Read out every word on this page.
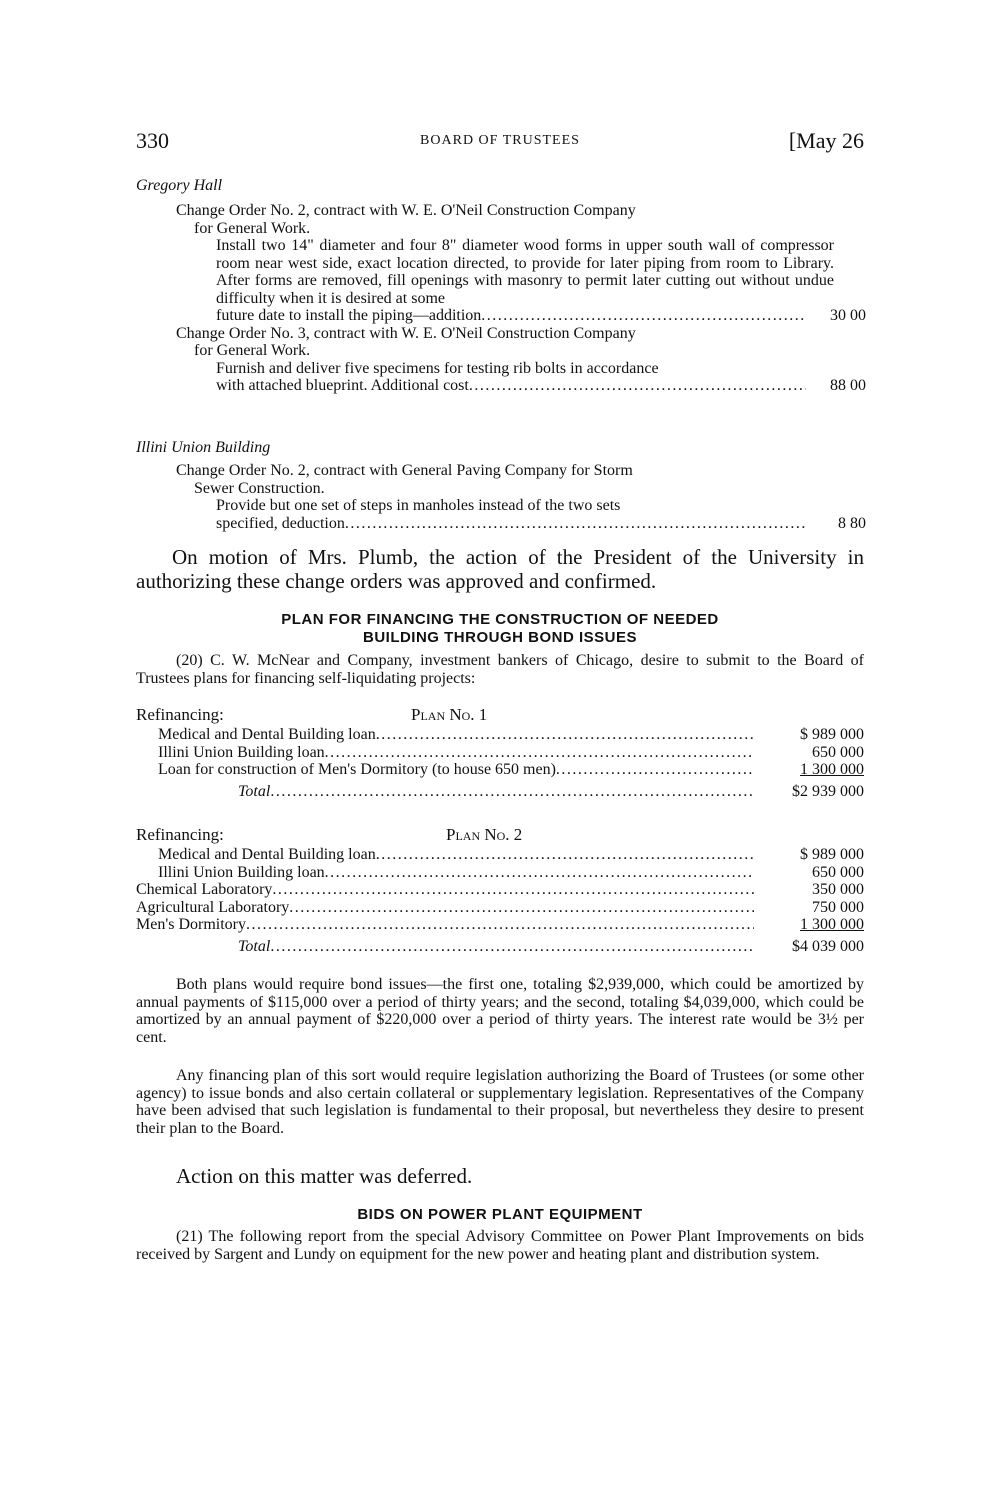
330	BOARD OF TRUSTEES	[May 26
Gregory Hall
Change Order No. 2, contract with W. E. O'Neil Construction Company
for General Work.
Install two 14" diameter and four 8" diameter wood forms in upper south wall of compressor room near west side, exact location directed, to provide for later piping from room to Library. After forms are removed, fill openings with masonry to permit later cutting out without undue difficulty when it is desired at some
future date to install the piping—addition .....	30 00
Change Order No. 3, contract with W. E. O'Neil Construction Company
for General Work.
Furnish and deliver five specimens for testing rib bolts in accordance
with attached blueprint. Additional cost .....	88 00
Illini Union Building
Change Order No. 2, contract with General Paving Company for Storm
Sewer Construction.
Provide but one set of steps in manholes instead of the two sets
specified, deduction .....	8 80
On motion of Mrs. Plumb, the action of the President of the University in authorizing these change orders was approved and confirmed.
PLAN FOR FINANCING THE CONSTRUCTION OF NEEDED
BUILDING THROUGH BOND ISSUES
(20) C. W. McNear and Company, investment bankers of Chicago, desire to submit to the Board of Trustees plans for financing self-liquidating projects:
Refinancing:	Plan No. 1
Medical and Dental Building loan .....	$ 989 000
Illini Union Building loan .....	650 000
Loan for construction of Men's Dormitory (to house 650 men) .....	1 300 000
Total .....	$2 939 000
Refinancing:	Plan No. 2
Medical and Dental Building loan .....	$ 989 000
Illini Union Building loan .....	650 000
Chemical Laboratory .....	350 000
Agricultural Laboratory .....	750 000
Men's Dormitory .....	1 300 000
Total .....	$4 039 000
Both plans would require bond issues—the first one, totaling $2,939,000, which could be amortized by annual payments of $115,000 over a period of thirty years; and the second, totaling $4,039,000, which could be amortized by an annual payment of $220,000 over a period of thirty years. The interest rate would be 3½ per cent.
Any financing plan of this sort would require legislation authorizing the Board of Trustees (or some other agency) to issue bonds and also certain collateral or supplementary legislation. Representatives of the Company have been advised that such legislation is fundamental to their proposal, but nevertheless they desire to present their plan to the Board.
Action on this matter was deferred.
BIDS ON POWER PLANT EQUIPMENT
(21) The following report from the special Advisory Committee on Power Plant Improvements on bids received by Sargent and Lundy on equipment for the new power and heating plant and distribution system.
